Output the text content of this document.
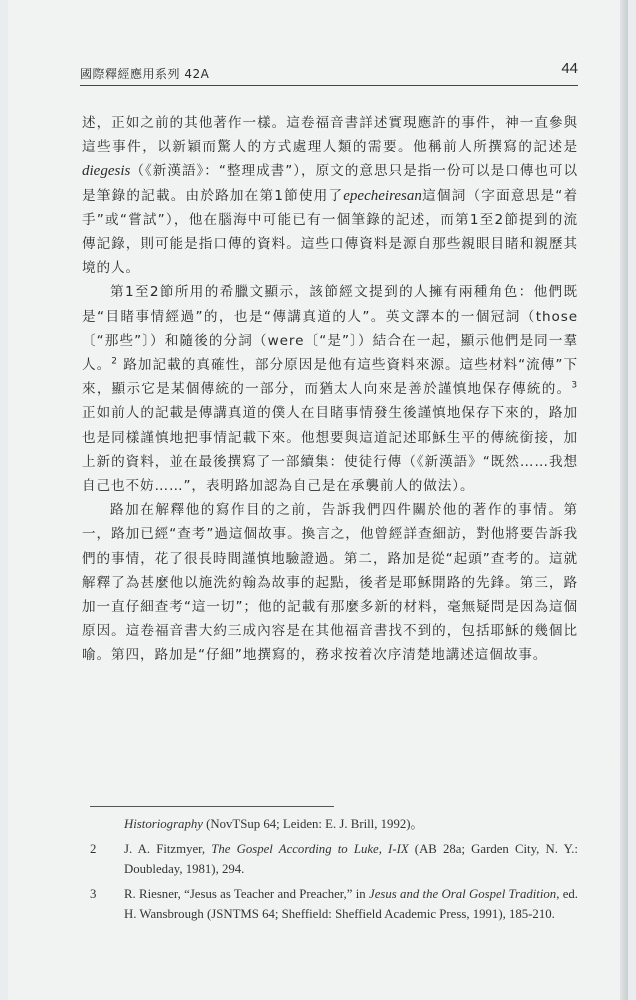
國際釋經應用系列 42A	44

述，正如之前的其他著作一樣。這卷福音書詳述實現應許的事件，神一直參與這些事件，以新穎而驚人的方式處理人類的需要。他稱前人所撰寫的記述是diegesis（《新漢語》：“整理成書”），原文的意思只是指一份可以是口傳也可以是筆錄的記載。由於路加在第1節使用了epecheiresan這個詞（字面意思是“着手”或“嘗試”），他在腦海中可能已有一個筆錄的記述，而第1至2節提到的流傳記錄，則可能是指口傳的資料。這些口傳資料是源自那些親眼目睹和親歷其境的人。

第1至2節所用的希臘文顯示，該節經文提到的人擁有兩種角色：他們既是“目睹事情經過”的，也是“傳講真道的人”。英文譯本的一個冠詞（those〔“那些”〕）和隨後的分詞（were〔“是”〕）結合在一起，顯示他們是同一羣人。$^2$ 路加記載的真確性，部分原因是他有這些資料來源。這些材料“流傳”下來，顯示它是某個傳統的一部分，而猶太人向來是善於謹慎地保存傳統的。$^3$ 正如前人的記載是傳講真道的僕人在目睹事情發生後謹慎地保存下來的，路加也是同樣謹慎地把事情記載下來。他想要與這道記述耶穌生平的傳統銜接，加上新的資料，並在最後撰寫了一部續集：使徒行傳（《新漢語》“既然……我想自己也不妨……”，表明路加認為自己是在承襲前人的做法）。

路加在解釋他的寫作目的之前，告訴我們四件關於他的著作的事情。第一，路加已經“查考”過這個故事。換言之，他曾經詳查細訪，對他將要告訴我們的事情，花了很長時間謹慎地驗證過。第二，路加是從“起頭”查考的。這就解釋了為甚麼他以施洗約翰為故事的起點，後者是耶穌開路的先鋒。第三，路加一直仔細查考“這一切”；他的記載有那麼多新的材料，毫無疑問是因為這個原因。這卷福音書大約三成內容是在其他福音書找不到的，包括耶穌的幾個比喻。第四，路加是“仔細”地撰寫的，務求按着次序清楚地講述這個故事。

Historiography (NovTSup 64; Leiden: E. J. Brill, 1992)。
2 J. A. Fitzmyer, The Gospel According to Luke, I-IX (AB 28a; Garden City, N. Y.: Doubleday, 1981), 294.
3 R. Riesner, “Jesus as Teacher and Preacher,” in Jesus and the Oral Gospel Tradition, ed. H. Wansbrough (JSNTMS 64; Sheffield: Sheffield Academic Press, 1991), 185-210.
